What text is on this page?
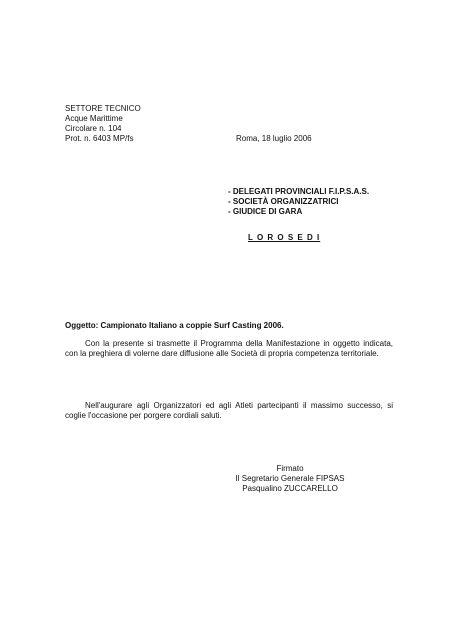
SETTORE TECNICO
Acque Marittime
Circolare n. 104
Prot. n. 6403 MP/fs	Roma, 18 luglio 2006
- DELEGATI PROVINCIALI F.I.P.S.A.S.
- SOCIETÀ ORGANIZZATRICI
- GIUDICE DI GARA
L O R O S E D I
Oggetto: Campionato Italiano a coppie Surf Casting 2006.
Con la presente si trasmette il Programma della Manifestazione in oggetto indicata, con la preghiera di volerne dare diffusione alle Società di propria competenza territoriale.
Nell'augurare agli Organizzatori ed agli Atleti partecipanti il massimo successo, si coglie l'occasione per porgere cordiali saluti.
Firmato
Il Segretario Generale FIPSAS
Pasqualino ZUCCARELLO
